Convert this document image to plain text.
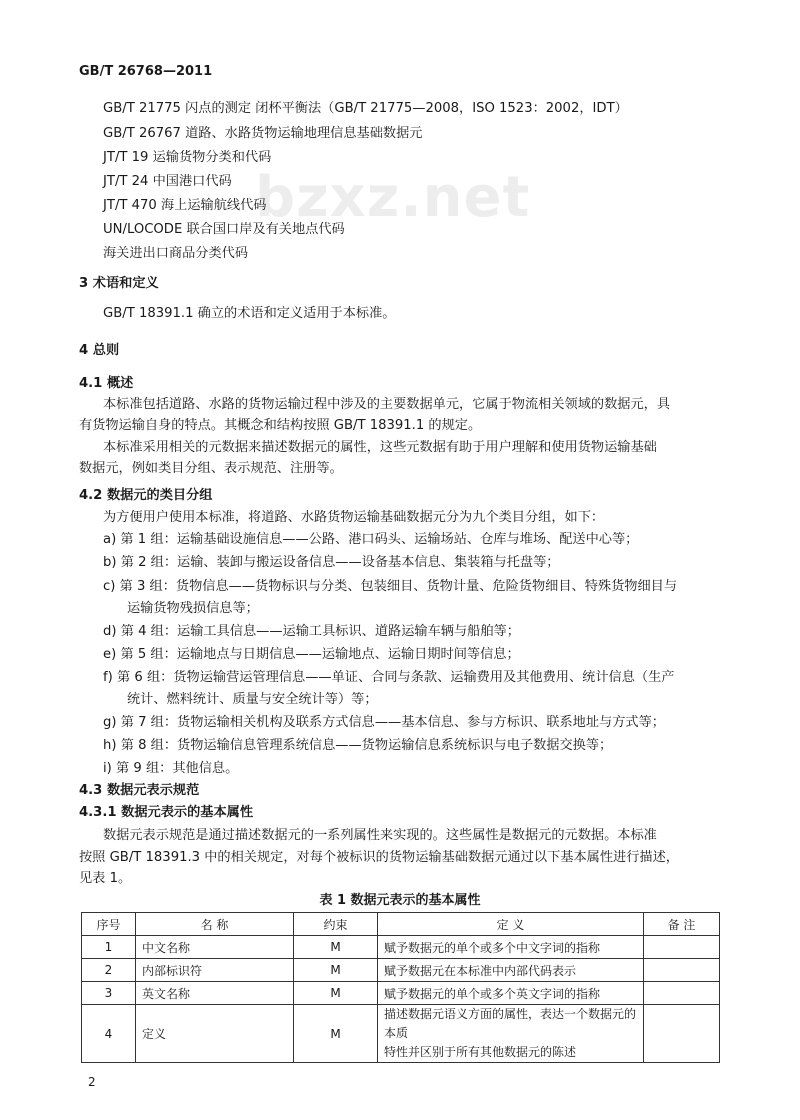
GB/T 26768—2011
bzxz.net
GB/T 21775 闪点的测定 闭杯平衡法（GB/T 21775—2008，ISO 1523：2002，IDT）
GB/T 26767 道路、水路货物运输地理信息基础数据元
JT/T 19 运输货物分类和代码
JT/T 24 中国港口代码
JT/T 470 海上运输航线代码
UN/LOCODE 联合国口岸及有关地点代码
海关进出口商品分类代码
3 术语和定义
GB/T 18391.1 确立的术语和定义适用于本标准。
4 总则
4.1 概述
本标准包括道路、水路的货物运输过程中涉及的主要数据单元，它属于物流相关领域的数据元，具
有货物运输自身的特点。其概念和结构按照 GB/T 18391.1 的规定。
本标准采用相关的元数据来描述数据元的属性，这些元数据有助于用户理解和使用货物运输基础
数据元，例如类目分组、表示规范、注册等。
4.2 数据元的类目分组
为方便用户使用本标准，将道路、水路货物运输基础数据元分为九个类目分组，如下：
a) 第 1 组：运输基础设施信息——公路、港口码头、运输场站、仓库与堆场、配送中心等；
b) 第 2 组：运输、装卸与搬运设备信息——设备基本信息、集装箱与托盘等；
c) 第 3 组：货物信息——货物标识与分类、包装细目、货物计量、危险货物细目、特殊货物细目与
运输货物残损信息等；
d) 第 4 组：运输工具信息——运输工具标识、道路运输车辆与船舶等；
e) 第 5 组：运输地点与日期信息——运输地点、运输日期时间等信息；
f) 第 6 组：货物运输营运管理信息——单证、合同与条款、运输费用及其他费用、统计信息（生产
统计、燃料统计、质量与安全统计等）等；
g) 第 7 组：货物运输相关机构及联系方式信息——基本信息、参与方标识、联系地址与方式等；
h) 第 8 组：货物运输信息管理系统信息——货物运输信息系统标识与电子数据交换等；
i) 第 9 组：其他信息。
4.3 数据元表示规范
4.3.1 数据元表示的基本属性
数据元表示规范是通过描述数据元的一系列属性来实现的。这些属性是数据元的元数据。本标准
按照 GB/T 18391.3 中的相关规定，对每个被标识的货物运输基础数据元通过以下基本属性进行描述，
见表 1。
表 1 数据元表示的基本属性
序号	名 称	约束	定 义	备 注
1	中文名称	M	赋予数据元的单个或多个中文字词的指称	
2	内部标识符	M	赋予数据元在本标准中内部代码表示	
3	英文名称	M	赋予数据元的单个或多个英文字词的指称	
4	定义	M	描述数据元语义方面的属性，表达一个数据元的本质
特性并区别于所有其他数据元的陈述	

2
